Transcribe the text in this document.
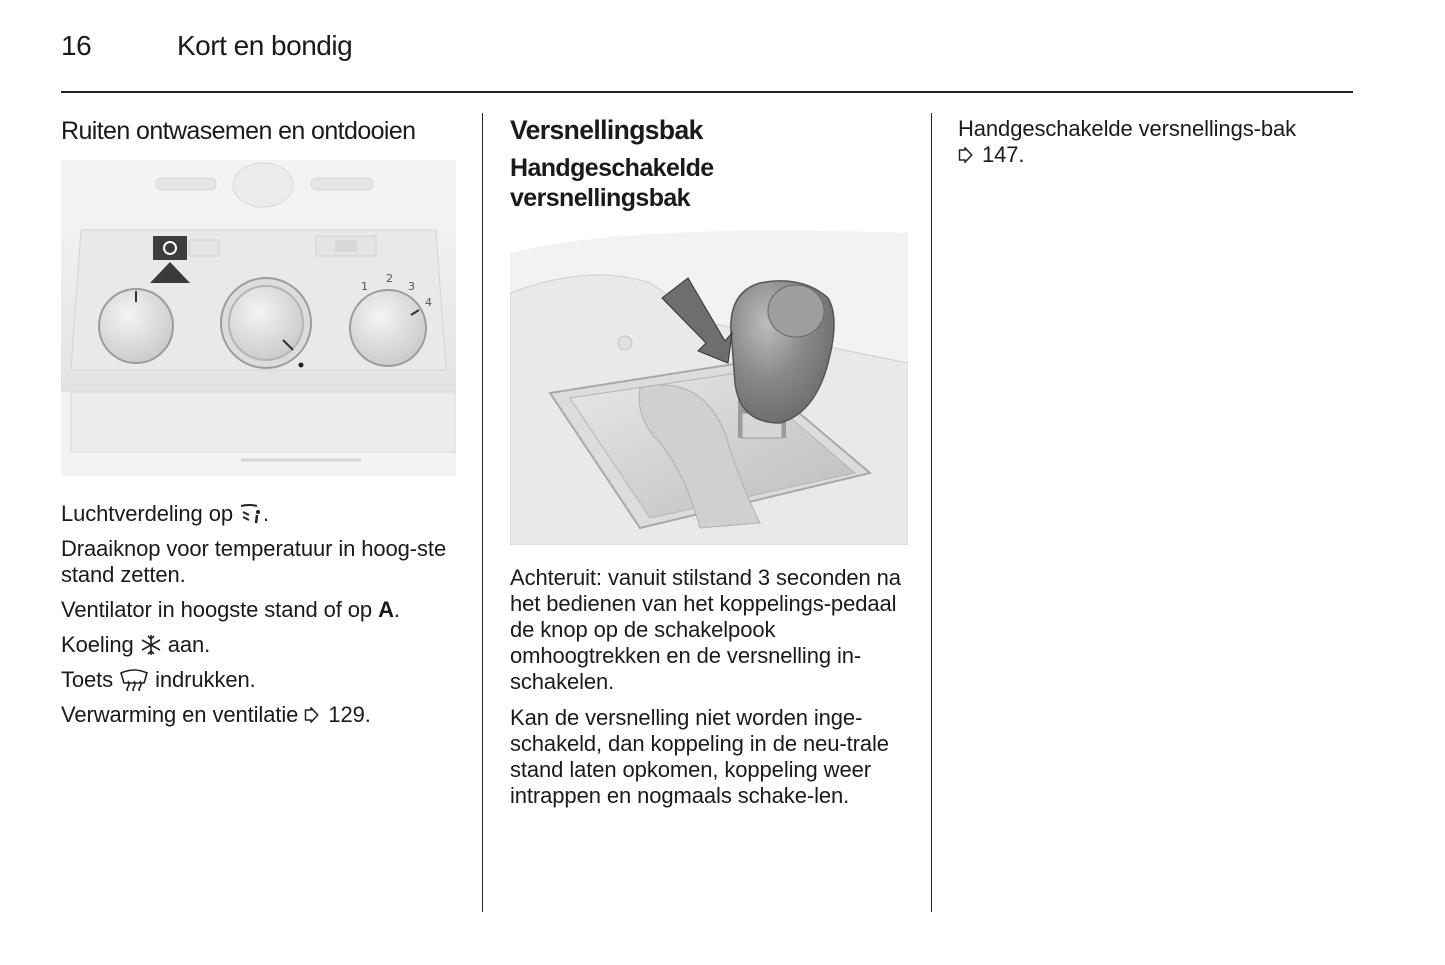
16	Kort en bondig
Ruiten ontwasemen en ontdooien
1
2
3
4

Luchtverdeling op .

Draaiknop voor temperatuur in hoog-ste stand zetten.

Ventilator in hoogste stand of op A.

Koeling  aan.

Toets  indrukken.

Verwarming en ventilatie  129.

Versnellingsbak
Handgeschakelde versnellingsbak

Achteruit: vanuit stilstand 3 seconden na het bedienen van het koppelings-pedaal de knop op de schakelpook omhoogtrekken en de versnelling in-schakelen.

Kan de versnelling niet worden inge-schakeld, dan koppeling in de neu-trale stand laten opkomen, koppeling weer intrappen en nogmaals schake-len.

Handgeschakelde versnellings-bak  147.
